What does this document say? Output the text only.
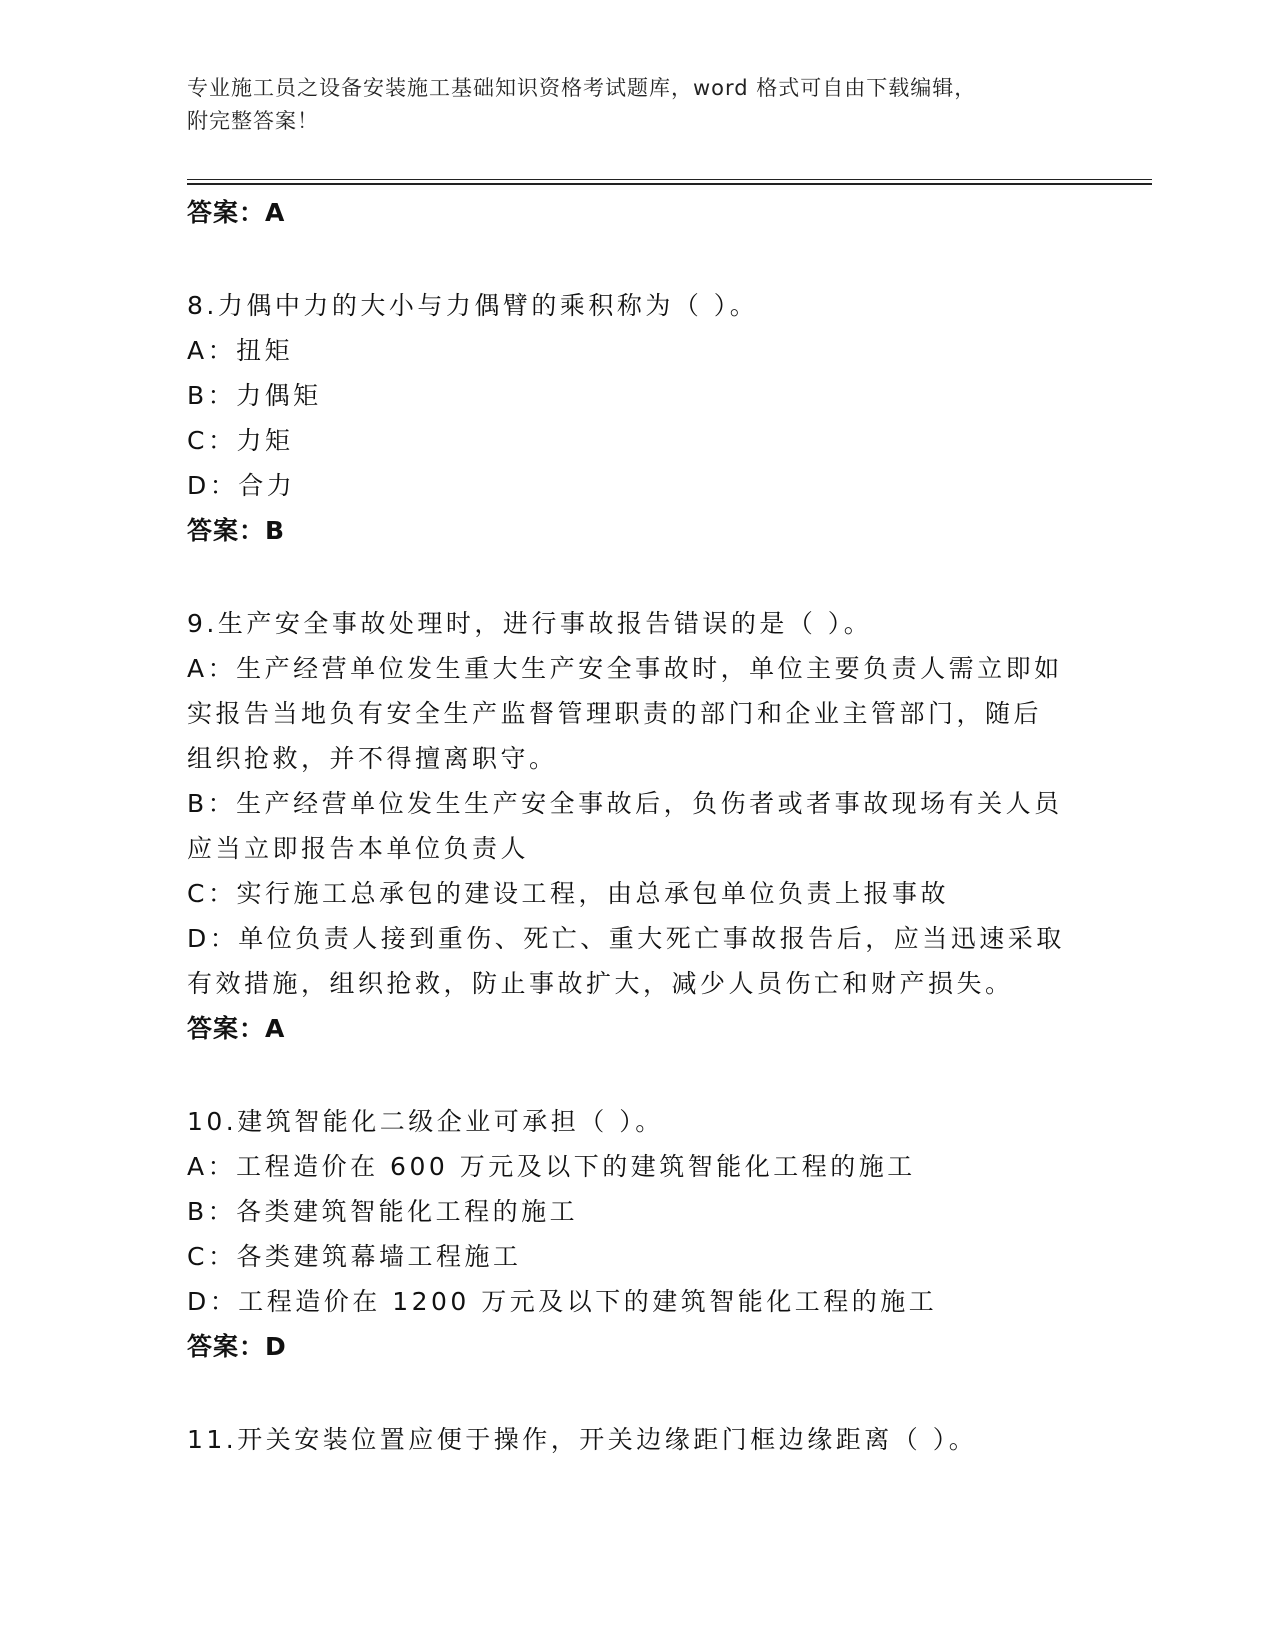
专业施工员之设备安装施工基础知识资格考试题库，word 格式可自由下载编辑，
附完整答案！
答案：A
8.力偶中力的大小与力偶臂的乘积称为（ ）。
A：扭矩
B：力偶矩
C：力矩
D：合力
答案：B
9.生产安全事故处理时，进行事故报告错误的是（ ）。
A：生产经营单位发生重大生产安全事故时，单位主要负责人需立即如
实报告当地负有安全生产监督管理职责的部门和企业主管部门，随后
组织抢救，并不得擅离职守。
B：生产经营单位发生生产安全事故后，负伤者或者事故现场有关人员
应当立即报告本单位负责人
C：实行施工总承包的建设工程，由总承包单位负责上报事故
D：单位负责人接到重伤、死亡、重大死亡事故报告后，应当迅速采取
有效措施，组织抢救，防止事故扩大，减少人员伤亡和财产损失。
答案：A
10.建筑智能化二级企业可承担（ ）。
A：工程造价在 600 万元及以下的建筑智能化工程的施工
B：各类建筑智能化工程的施工
C：各类建筑幕墙工程施工
D：工程造价在 1200 万元及以下的建筑智能化工程的施工
答案：D
11.开关安装位置应便于操作，开关边缘距门框边缘距离（ ）。
